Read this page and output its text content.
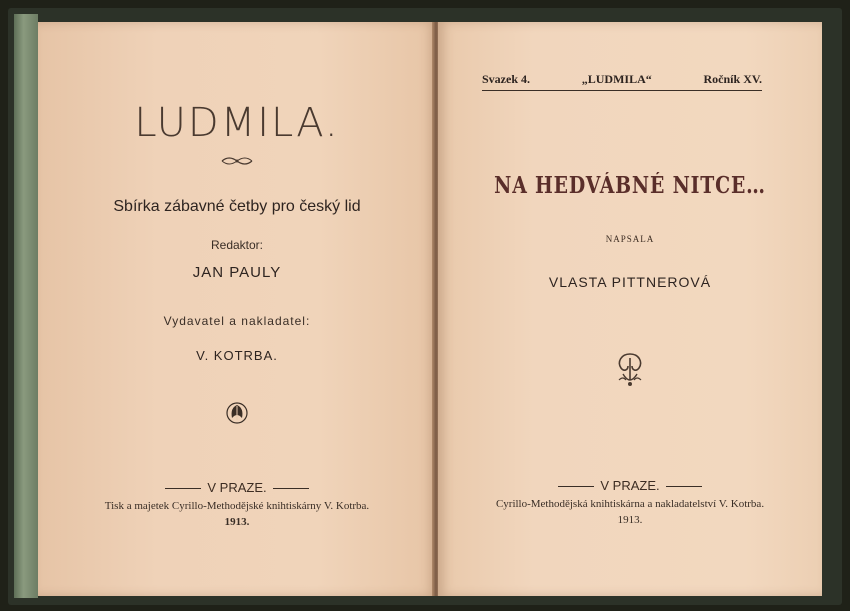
LUDMILA.
Sbírka zábavné četby pro český lid
Redaktor:
JAN PAULY
Vydavatel a nakladatel:
V. KOTRBA.
V PRAZE.
Tisk a majetek Cyrillo-Methodějské knihtiskárny V. Kotrba.
1913.
Svazek 4.	„LUDMILA“	Ročník XV.
NA HEDVÁBNÉ NITCE…
NAPSALA
VLASTA PITTNEROVÁ
V PRAZE.
Cyrillo-Methodějská knihtiskárna a nakladatelství V. Kotrba.
1913.
